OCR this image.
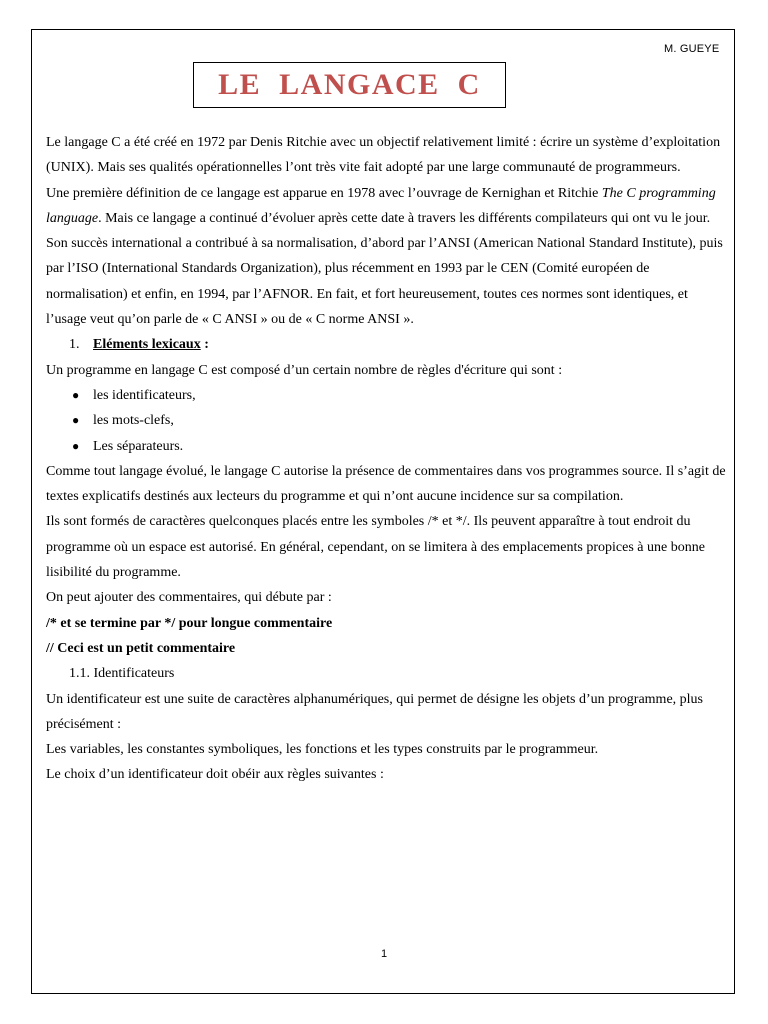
M. GUEYE
LE  LANGACE  C

Le langage C a été créé en 1972 par Denis Ritchie avec un objectif relativement limité : écrire un système d’exploitation (UNIX). Mais ses qualités opérationnelles l’ont très vite fait adopté par une large communauté de programmeurs.

Une première définition de ce langage est apparue en 1978 avec l’ouvrage de Kernighan et Ritchie The C programming language. Mais ce langage a continué d’évoluer après cette date à travers les différents compilateurs qui ont vu le jour. Son succès international a contribué à sa normalisation, d’abord par l’ANSI (American National Standard Institute), puis par l’ISO (International Standards Organization), plus récemment en 1993 par le CEN (Comité européen de normalisation) et enfin, en 1994, par l’AFNOR. En fait, et fort heureusement, toutes ces normes sont identiques, et l’usage veut qu’on parle de « C ANSI » ou de « C norme ANSI ».

1. Eléments lexicaux :

Un programme en langage C est composé d’un certain nombre de règles d'écriture qui sont :

● les identificateurs,
● les mots-clefs,
● Les séparateurs.

Comme tout langage évolué, le langage C autorise la présence de commentaires dans vos programmes source. Il s’agit de textes explicatifs destinés aux lecteurs du programme et qui n’ont aucune incidence sur sa compilation.

Ils sont formés de caractères quelconques placés entre les symboles /* et */. Ils peuvent apparaître à tout endroit du programme où un espace est autorisé. En général, cependant, on se limitera à des emplacements propices à une bonne lisibilité du programme.

On peut ajouter des commentaires, qui débute par :

/* et se termine par */ pour longue commentaire

// Ceci est un petit commentaire

1.1. Identificateurs

Un identificateur est une suite de caractères alphanumériques, qui permet de désigne les objets d’un programme, plus précisément :

Les variables, les constantes symboliques, les fonctions et les types construits par le programmeur.

Le choix d’un identificateur doit obéir aux règles suivantes :

1
